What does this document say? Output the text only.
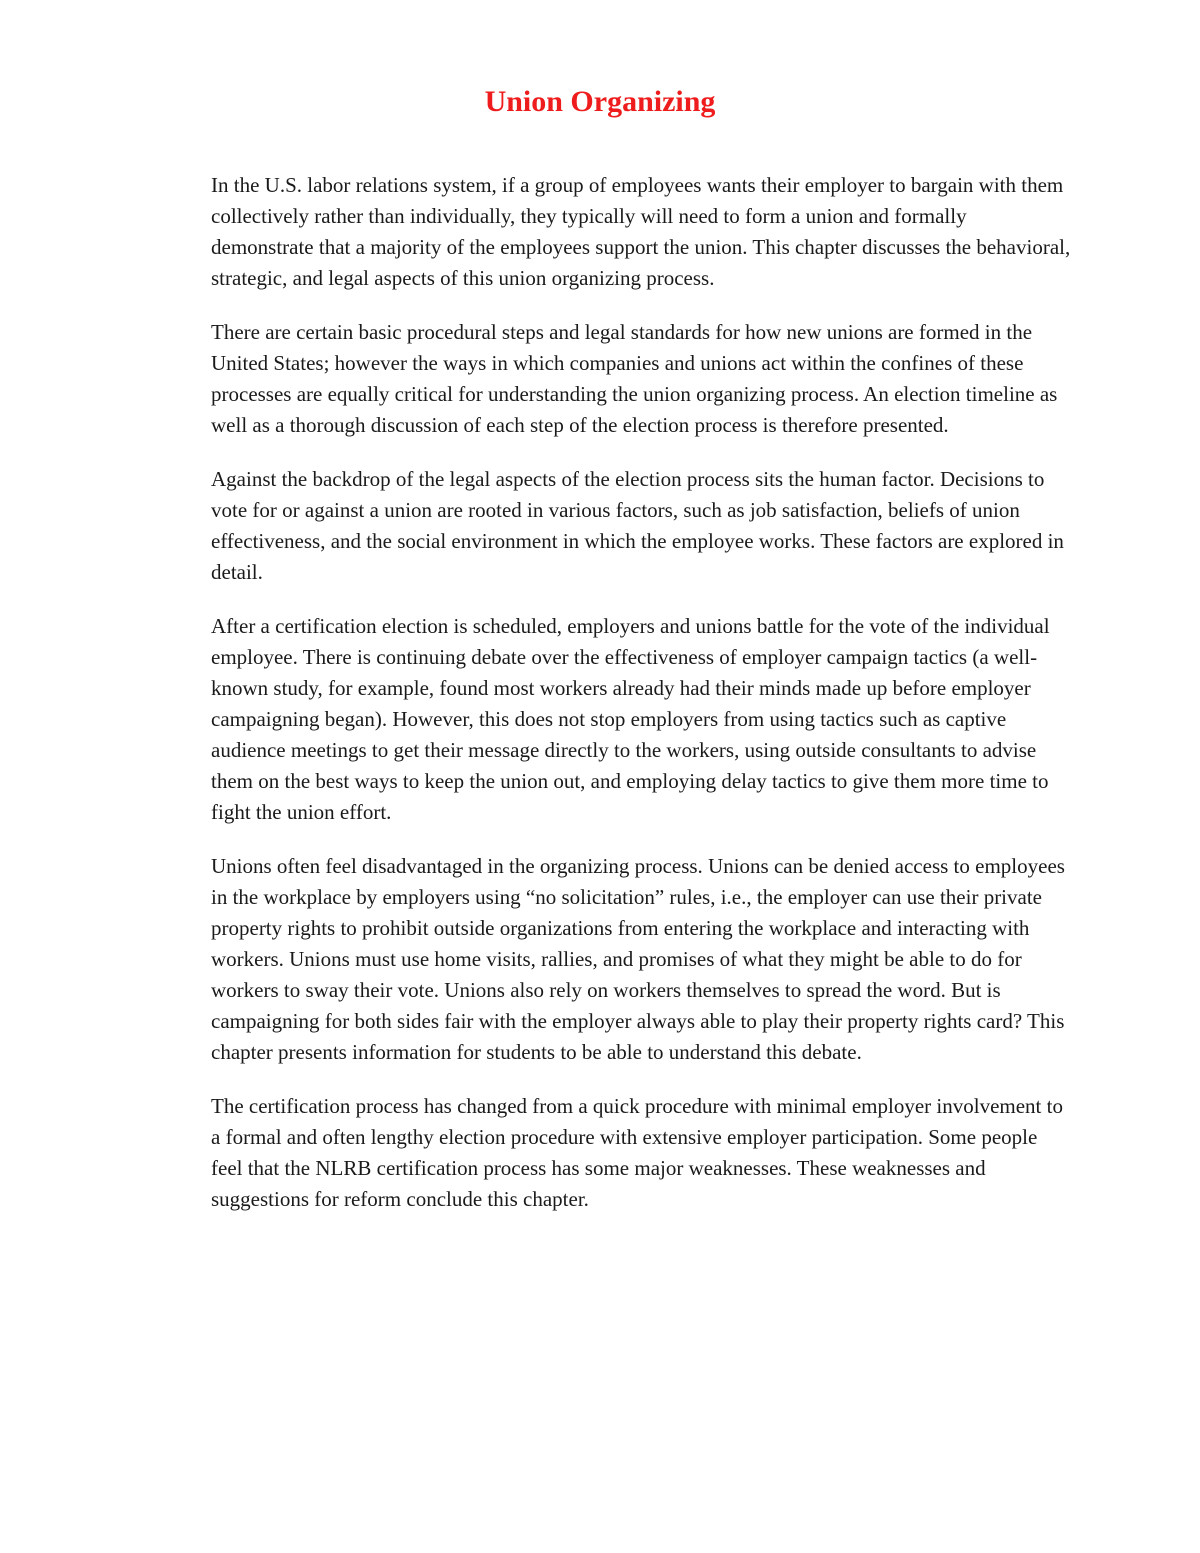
Union Organizing

In the U.S. labor relations system, if a group of employees wants their employer to bargain with them collectively rather than individually, they typically will need to form a union and formally demonstrate that a majority of the employees support the union. This chapter discusses the behavioral, strategic, and legal aspects of this union organizing process.

There are certain basic procedural steps and legal standards for how new unions are formed in the United States; however the ways in which companies and unions act within the confines of these processes are equally critical for understanding the union organizing process. An election timeline as well as a thorough discussion of each step of the election process is therefore presented.

Against the backdrop of the legal aspects of the election process sits the human factor. Decisions to vote for or against a union are rooted in various factors, such as job satisfaction, beliefs of union effectiveness, and the social environment in which the employee works. These factors are explored in detail.

After a certification election is scheduled, employers and unions battle for the vote of the individual employee. There is continuing debate over the effectiveness of employer campaign tactics (a well-known study, for example, found most workers already had their minds made up before employer campaigning began). However, this does not stop employers from using tactics such as captive audience meetings to get their message directly to the workers, using outside consultants to advise them on the best ways to keep the union out, and employing delay tactics to give them more time to fight the union effort.

Unions often feel disadvantaged in the organizing process. Unions can be denied access to employees in the workplace by employers using “no solicitation” rules, i.e., the employer can use their private property rights to prohibit outside organizations from entering the workplace and interacting with workers. Unions must use home visits, rallies, and promises of what they might be able to do for workers to sway their vote. Unions also rely on workers themselves to spread the word. But is campaigning for both sides fair with the employer always able to play their property rights card? This chapter presents information for students to be able to understand this debate.

The certification process has changed from a quick procedure with minimal employer involvement to a formal and often lengthy election procedure with extensive employer participation. Some people feel that the NLRB certification process has some major weaknesses. These weaknesses and suggestions for reform conclude this chapter.
